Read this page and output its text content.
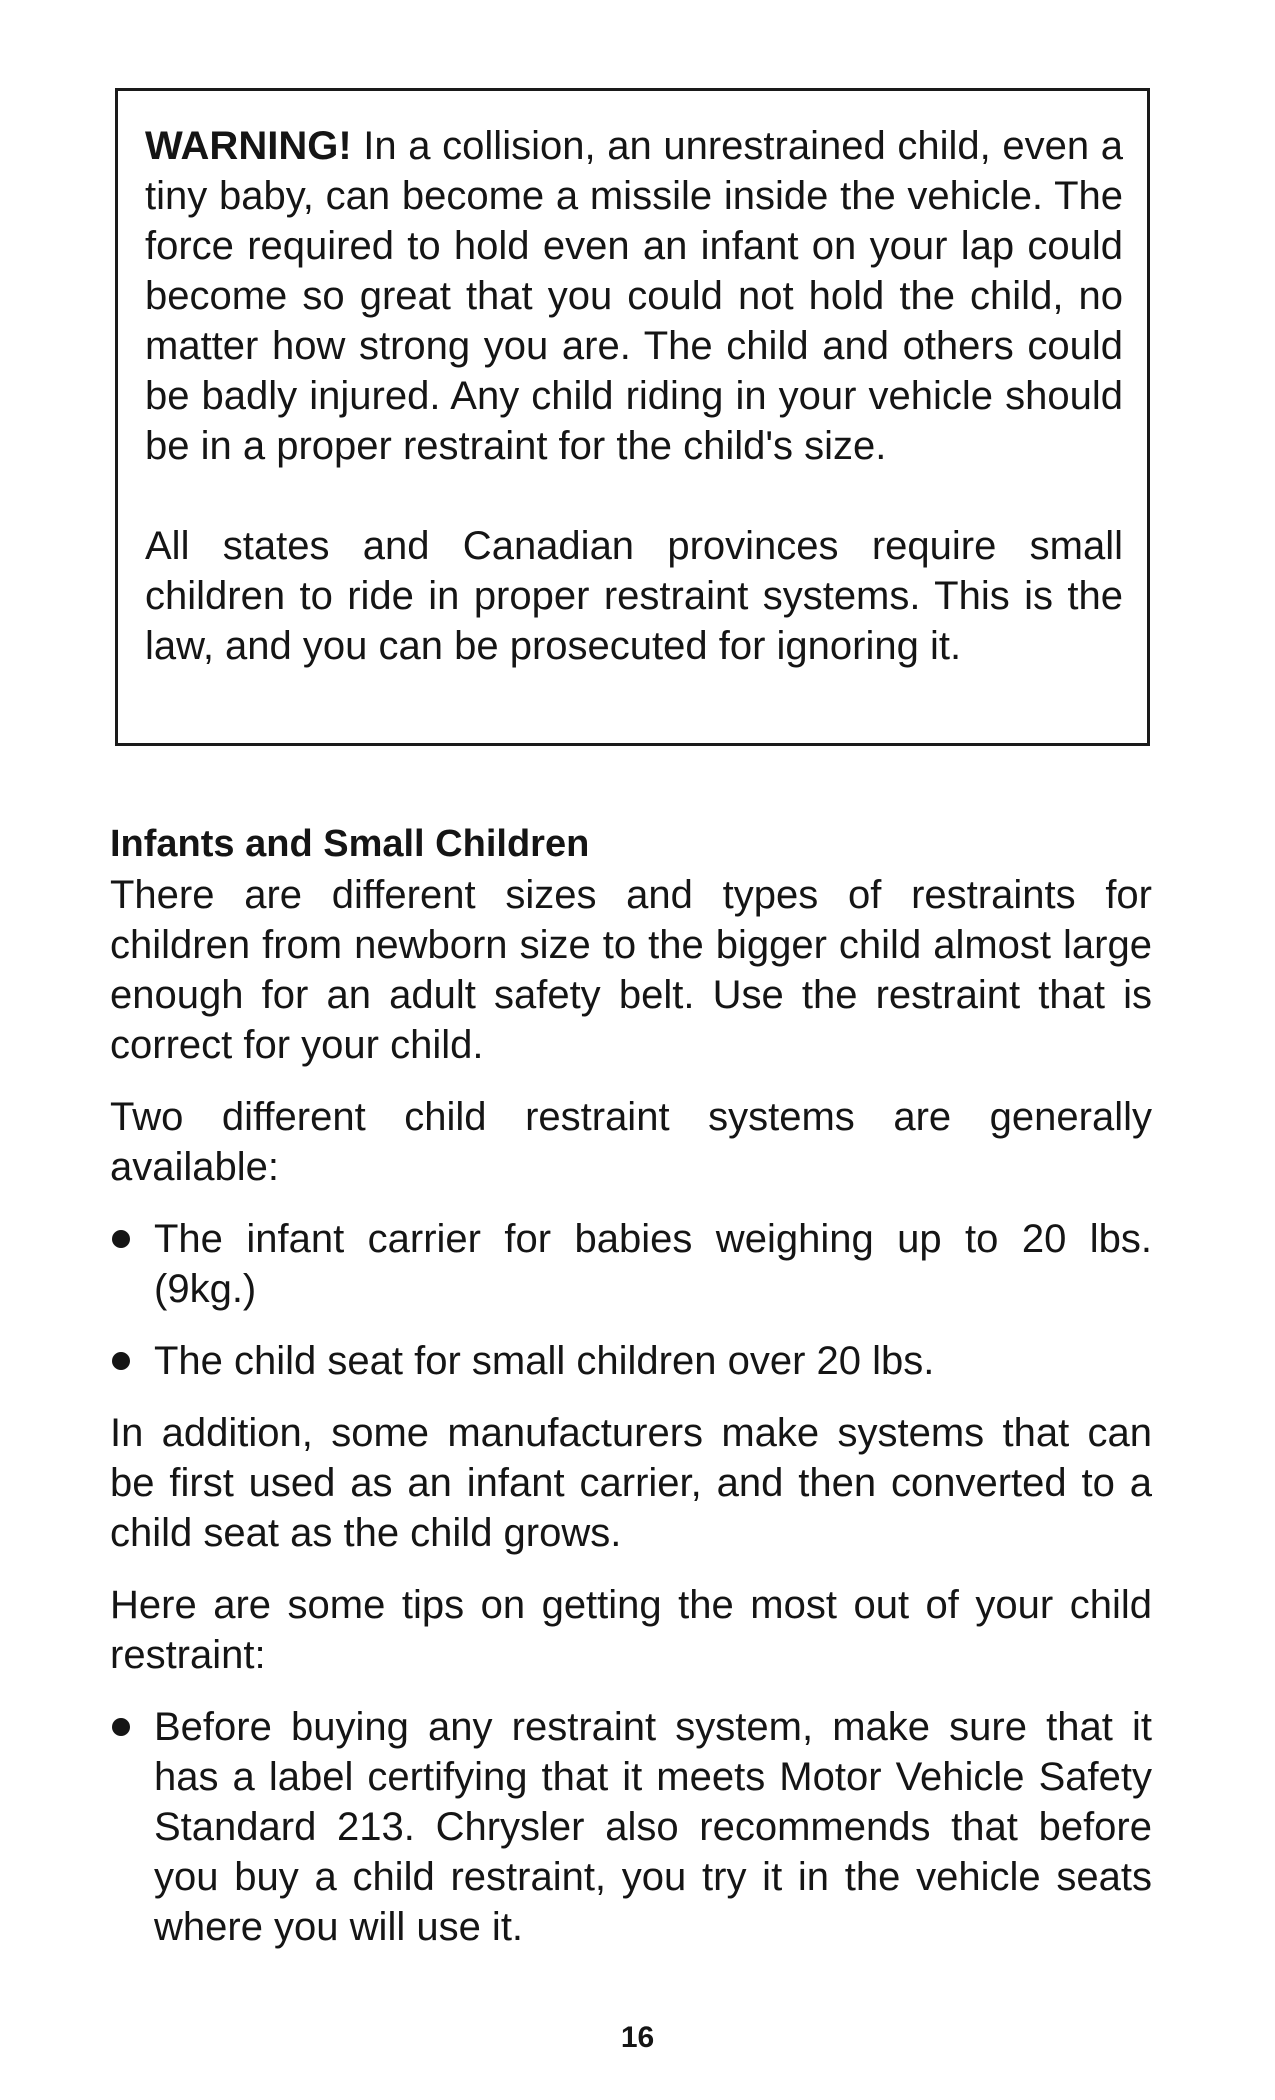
WARNING! In a collision, an unrestrained child, even a tiny baby, can become a missile inside the vehicle. The force required to hold even an infant on your lap could become so great that you could not hold the child, no matter how strong you are. The child and others could be badly injured. Any child riding in your vehicle should be in a proper restraint for the child's size.

All states and Canadian provinces require small children to ride in proper restraint systems. This is the law, and you can be prosecuted for ignoring it.

Infants and Small Children

There are different sizes and types of restraints for children from newborn size to the bigger child almost large enough for an adult safety belt. Use the restraint that is correct for your child.

Two different child restraint systems are generally available:

The infant carrier for babies weighing up to 20 lbs. (9kg.)
The child seat for small children over 20 lbs.

In addition, some manufacturers make systems that can be first used as an infant carrier, and then converted to a child seat as the child grows.

Here are some tips on getting the most out of your child restraint:

Before buying any restraint system, make sure that it has a label certifying that it meets Motor Vehicle Safety Standard 213. Chrysler also recommends that before you buy a child restraint, you try it in the vehicle seats where you will use it.
16
